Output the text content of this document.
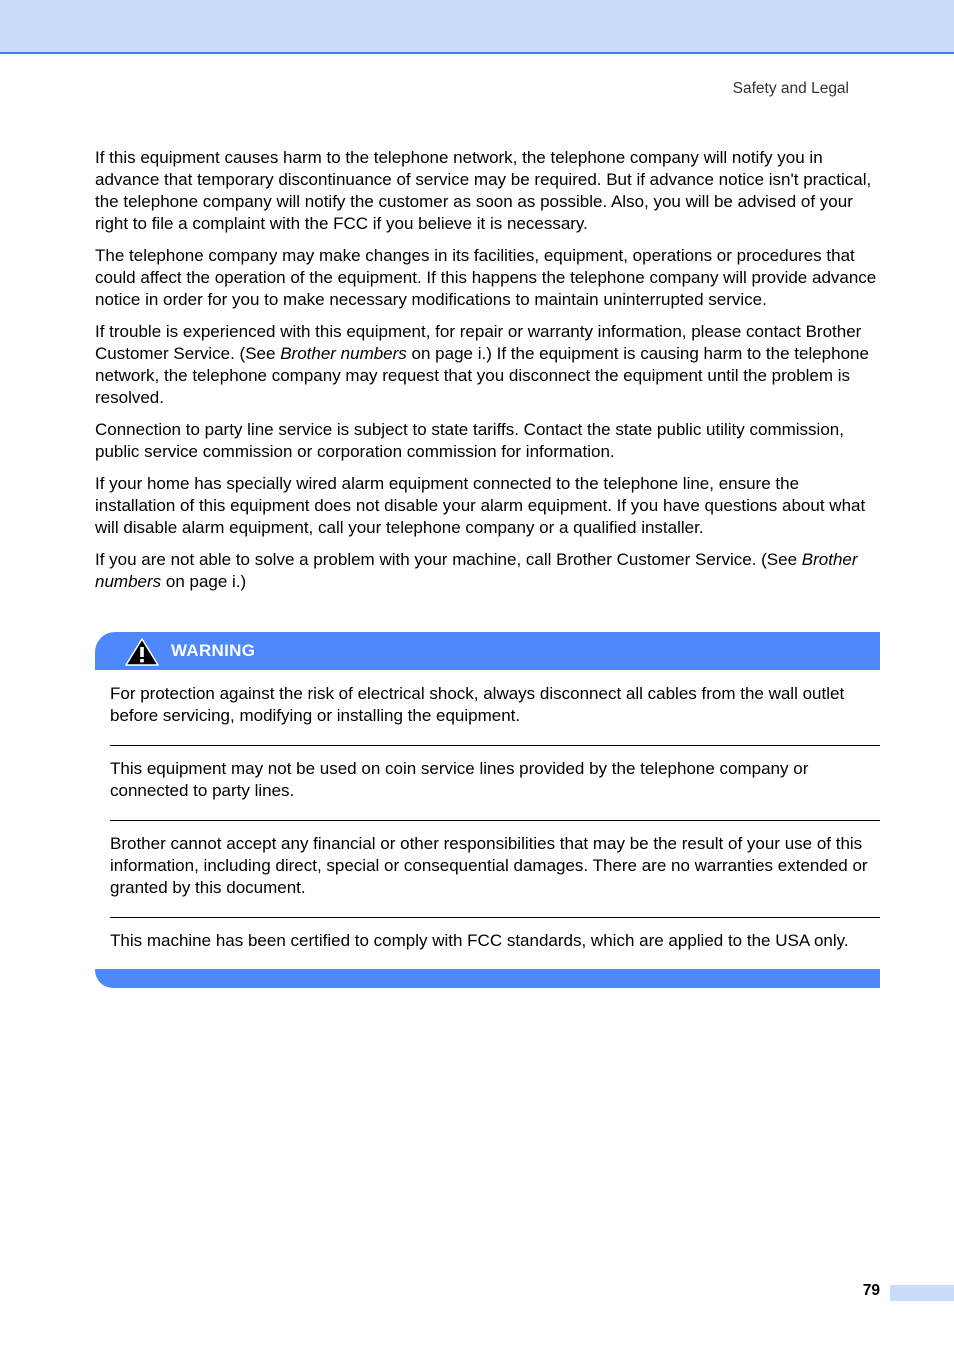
Safety and Legal

If this equipment causes harm to the telephone network, the telephone company will notify you in advance that temporary discontinuance of service may be required. But if advance notice isn't practical, the telephone company will notify the customer as soon as possible. Also, you will be advised of your right to file a complaint with the FCC if you believe it is necessary.

The telephone company may make changes in its facilities, equipment, operations or procedures that could affect the operation of the equipment. If this happens the telephone company will provide advance notice in order for you to make necessary modifications to maintain uninterrupted service.

If trouble is experienced with this equipment, for repair or warranty information, please contact Brother Customer Service. (See Brother numbers on page i.) If the equipment is causing harm to the telephone network, the telephone company may request that you disconnect the equipment until the problem is resolved.

Connection to party line service is subject to state tariffs. Contact the state public utility commission, public service commission or corporation commission for information.

If your home has specially wired alarm equipment connected to the telephone line, ensure the installation of this equipment does not disable your alarm equipment. If you have questions about what will disable alarm equipment, call your telephone company or a qualified installer.

If you are not able to solve a problem with your machine, call Brother Customer Service. (See Brother numbers on page i.)

WARNING
For protection against the risk of electrical shock, always disconnect all cables from the wall outlet before servicing, modifying or installing the equipment.
This equipment may not be used on coin service lines provided by the telephone company or connected to party lines.
Brother cannot accept any financial or other responsibilities that may be the result of your use of this information, including direct, special or consequential damages. There are no warranties extended or granted by this document.
This machine has been certified to comply with FCC standards, which are applied to the USA only.
79
